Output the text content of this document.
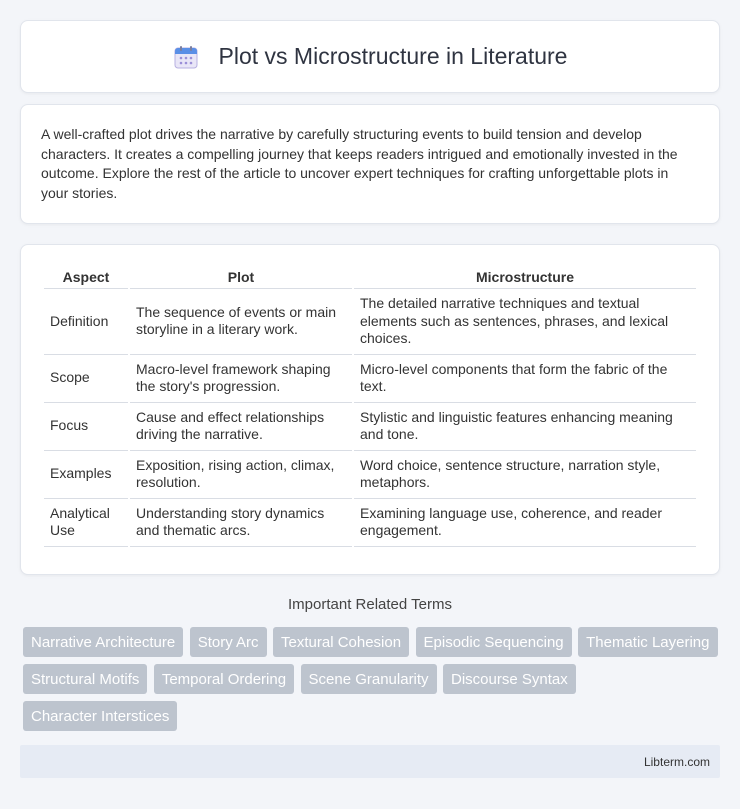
Plot vs Microstructure in Literature

A well-crafted plot drives the narrative by carefully structuring events to build tension and develop characters. It creates a compelling journey that keeps readers intrigued and emotionally invested in the outcome. Explore the rest of the article to uncover expert techniques for crafting unforgettable plots in your stories.

Aspect	Plot	Microstructure
Definition	The sequence of events or main storyline in a literary work.	The detailed narrative techniques and textual elements such as sentences, phrases, and lexical choices.
Scope	Macro-level framework shaping the story's progression.	Micro-level components that form the fabric of the text.
Focus	Cause and effect relationships driving the narrative.	Stylistic and linguistic features enhancing meaning and tone.
Examples	Exposition, rising action, climax, resolution.	Word choice, sentence structure, narration style, metaphors.
Analytical Use	Understanding story dynamics and thematic arcs.	Examining language use, coherence, and reader engagement.
Important Related Terms
Narrative Architecture Story Arc Textural Cohesion Episodic Sequencing Thematic Layering Structural Motifs Temporal Ordering Scene Granularity Discourse Syntax Character Interstices
Libterm.com
